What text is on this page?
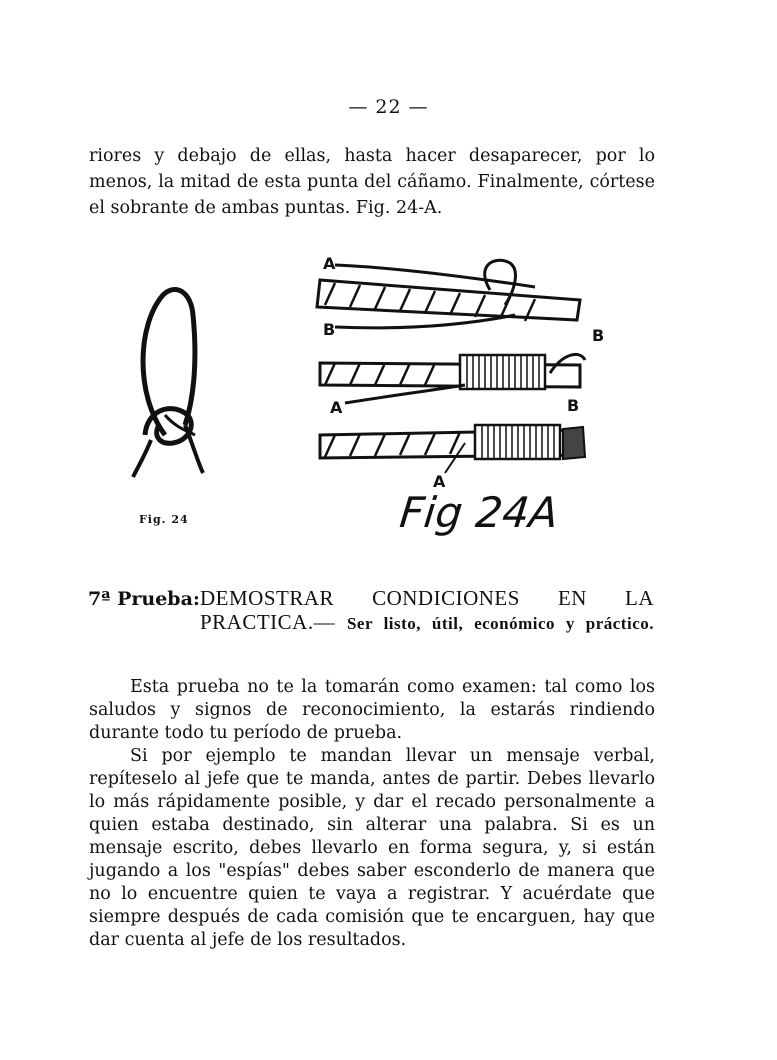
— 22 —

riores y debajo de ellas, hasta hacer desaparecer, por lo menos, la mitad de esta punta del cáñamo. Finalmente, córtese el sobrante de ambas puntas. Fig. 24-A.

Fig. 24
A
B	B
A	B
A
Fig 24A
7ª Prueba: DEMOSTRAR CONDICIONES EN LA PRACTICA.— Ser listo, útil, económico y práctico.

Esta prueba no te la tomarán como examen: tal como los saludos y signos de reconocimiento, la estarás rindiendo durante todo tu período de prueba.

Si por ejemplo te mandan llevar un mensaje verbal, repíteselo al jefe que te manda, antes de partir. Debes llevarlo lo más rápidamente posible, y dar el recado personalmente a quien estaba destinado, sin alterar una palabra. Si es un mensaje escrito, debes llevarlo en forma segura, y, si están jugando a los "espías" debes saber esconderlo de manera que no lo encuentre quien te vaya a registrar. Y acuérdate que siempre después de cada comisión que te encarguen, hay que dar cuenta al jefe de los resultados.
